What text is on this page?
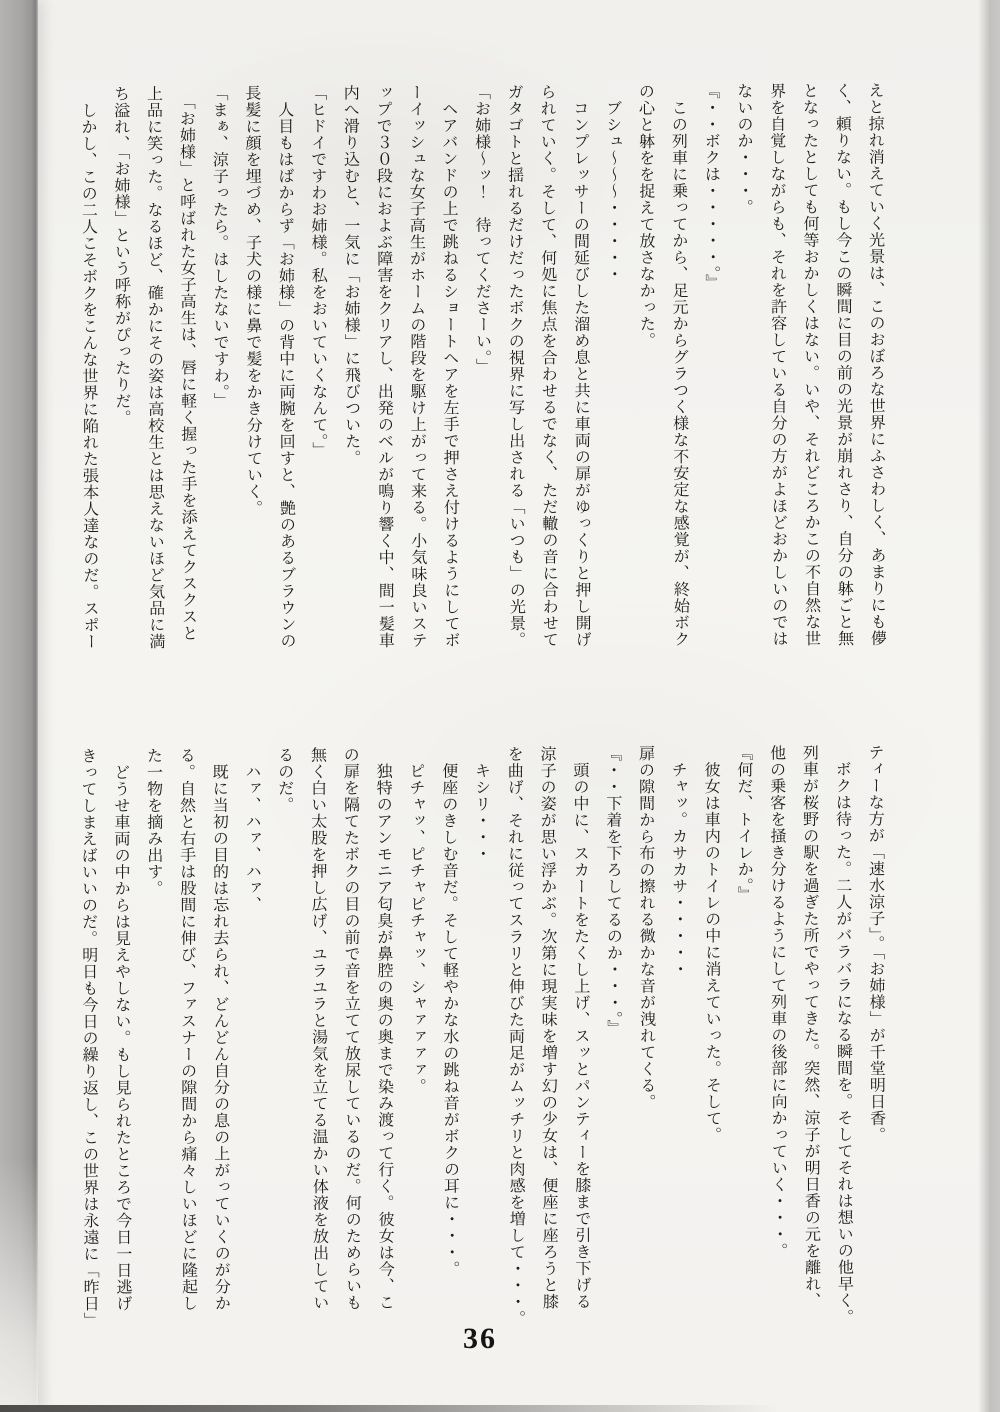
えと掠れ消えていく光景は、このおぼろな世界にふさわしく、あまりにも儚
く、頼りない。もし今この瞬間に目の前の光景が崩れさり、自分の躰ごと無
となったとしても何等おかしくはない。いや、それどころかこの不自然な世
界を自覚しながらも、それを許容している自分の方がよほどおかしいのでは
ないのか・・・。
『・・ボクは・・・・・。』
　この列車に乗ってから、足元からグラつく様な不安定な感覚が、終始ボク
の心と躰をを捉えて放さなかった。
　ブシュ～～～・・・・・
　コンプレッサーの間延びした溜め息と共に車両の扉がゆっくりと押し開げ
られていく。そして、何処に焦点を合わせるでなく、ただ轍の音に合わせて
ガタゴトと揺れるだけだったボクの視界に写し出される「いつも」の光景。
「お姉様～ッ！　待ってくださーい。」
　ヘアバンドの上で跳ねるショートヘアを左手で押さえ付けるようにしてボ
ーイッシュな女子高生がホームの階段を駆け上がって来る。小気味良いステ
ップで３０段におよぶ障害をクリアし、出発のベルが鳴り響く中、間一髪車
内へ滑り込むと、一気に「お姉様」に飛びついた。
「ヒドイですわお姉様。私をおいていくなんて。」
　人目もはばからず「お姉様」の背中に両腕を回すと、艶のあるブラウンの
長髪に顔を埋づめ、子犬の様に鼻で髪をかき分けていく。
「まぁ、涼子ったら。はしたないですわ。」
　「お姉様」と呼ばれた女子高生は、唇に軽く握った手を添えてクスクスと
上品に笑った。なるほど、確かにその姿は高校生とは思えないほど気品に満
ち溢れ、「お姉様」という呼称がぴったりだ。
　しかし、この二人こそボクをこんな世界に陥れた張本人達なのだ。スポー
ティーな方が「速水涼子」。「お姉様」が千堂明日香。
　ボクは待った。二人がバラバラになる瞬間を。そしてそれは想いの他早く。
列車が桜野の駅を過ぎた所でやってきた。突然、涼子が明日香の元を離れ、
他の乗客を掻き分けるようにして列車の後部に向かっていく・・・。
『何だ、トイレか。』
　彼女は車内のトイレの中に消えていった。そして。
　チャッ。カサカサ・・・・・
扉の隙間から布の擦れる微かな音が洩れてくる。
『・・下着を下ろしてるのか・・・。』
　頭の中に、スカートをたくし上げ、スッとパンティーを膝まで引き下げる
涼子の姿が思い浮かぶ。次第に現実味を増す幻の少女は、便座に座ろうと膝
を曲げ、それに従ってスラリと伸びた両足がムッチリと肉感を増して・・・。
　キシリ・・・
　便座のきしむ音だ。そして軽やかな水の跳ね音がボクの耳に・・・。
　ピチャッ、ピチャピチャッ、シャァァァァ。
　独特のアンモニア匂臭が鼻腔の奥の奥まで染み渡って行く。彼女は今、こ
の扉を隔てたボクの目の前で音を立てて放尿しているのだ。何のためらいも
無く白い太股を押し広げ、ユラユラと湯気を立てる温かい体液を放出してい
るのだ。
　ハァ、ハァ、ハァ、
　既に当初の目的は忘れ去られ、どんどん自分の息の上がっていくのが分か
る。自然と右手は股間に伸び、ファスナーの隙間から痛々しいほどに隆起し
た一物を摘み出す。
　どうせ車両の中からは見えやしない。もし見られたところで今日一日逃げ
きってしまえばいいのだ。明日も今日の繰り返し、この世界は永遠に「昨日」
36
